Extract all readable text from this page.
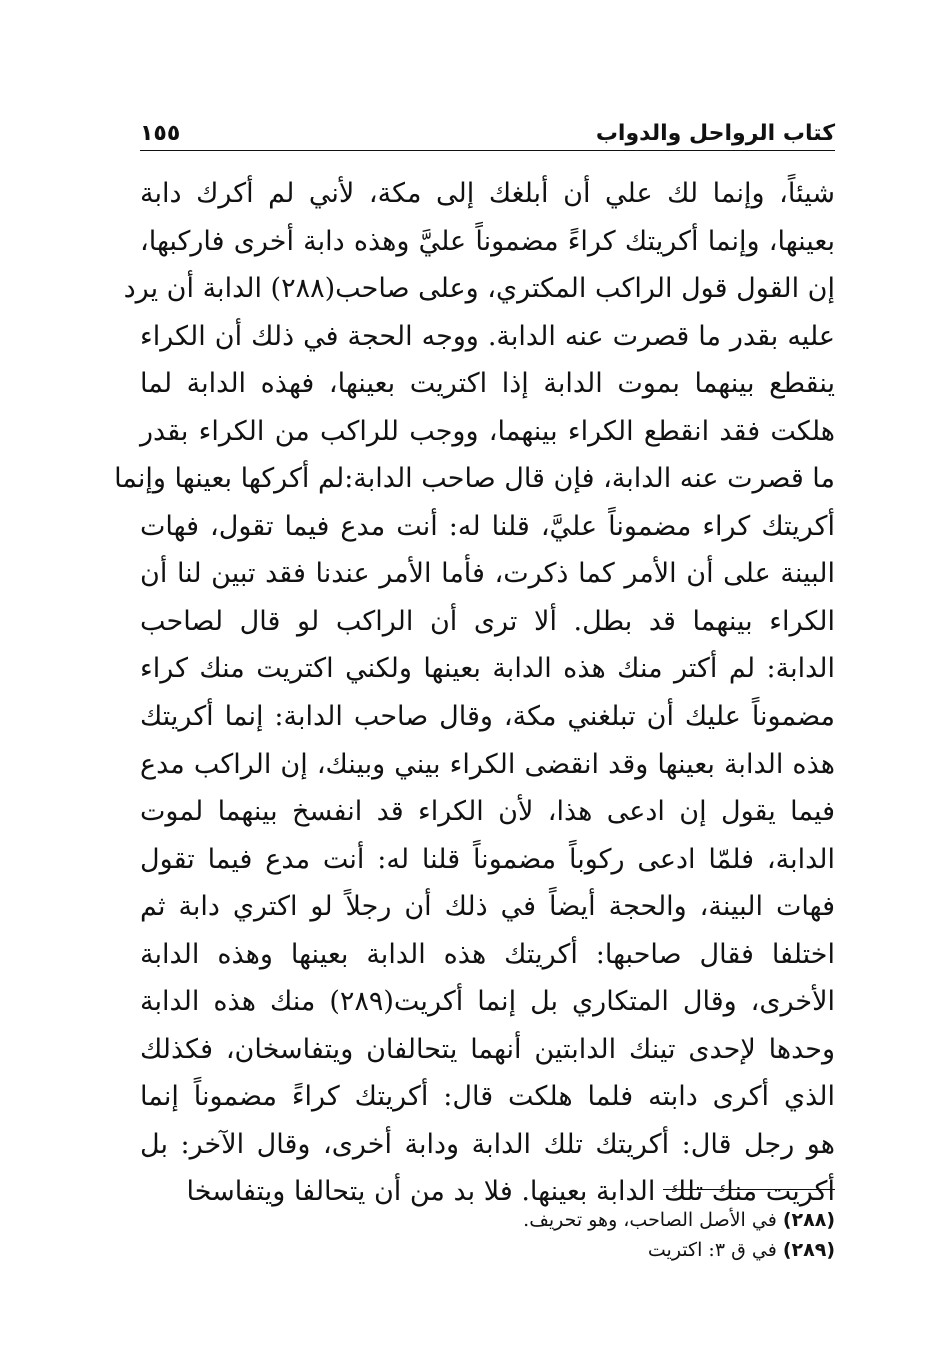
كتاب الرواحل والدواب
١٥٥
شيئاً، وإنما لك علي أن أبلغك إلى مكة، لأني لم أكرك دابة
بعينها، وإنما أكريتك كراءً مضموناً عليَّ وهذه دابة أخرى فاركبها،
إن القول قول الراكب المكتري، وعلى صاحب(٢٨٨) الدابة أن يرد
عليه بقدر ما قصرت عنه الدابة. ووجه الحجة في ذلك أن الكراء
ينقطع بينهما بموت الدابة إذا اكتريت بعينها، فهذه الدابة لما
هلكت فقد انقطع الكراء بينهما، ووجب للراكب من الكراء بقدر
ما قصرت عنه الدابة، فإن قال صاحب الدابة:لم أكركها بعينها وإنما
أكريتك كراء مضموناً عليَّ، قلنا له: أنت مدع فيما تقول، فهات
البينة على أن الأمر كما ذكرت، فأما الأمر عندنا فقد تبين لنا أن
الكراء بينهما قد بطل. ألا ترى أن الراكب لو قال لصاحب
الدابة: لم أكتر منك هذه الدابة بعينها ولكني اكتريت منك كراء
مضموناً عليك أن تبلغني مكة، وقال صاحب الدابة: إنما أكريتك
هذه الدابة بعينها وقد انقضى الكراء بيني وبينك، إن الراكب مدع
فيما يقول إن ادعى هذا، لأن الكراء قد انفسخ بينهما لموت
الدابة، فلمّا ادعى ركوباً مضموناً قلنا له: أنت مدع فيما تقول
فهات البينة، والحجة أيضاً في ذلك أن رجلاً لو اكتري دابة ثم
اختلفا فقال صاحبها: أكريتك هذه الدابة بعينها وهذه الدابة
الأخرى، وقال المتكاري بل إنما أكريت(٢٨٩) منك هذه الدابة
وحدها لإحدى تينك الدابتين أنهما يتحالفان ويتفاسخان، فكذلك
الذي أكرى دابته فلما هلكت قال: أكريتك كراءً مضموناً إنما
هو رجل قال: أكريتك تلك الدابة ودابة أخرى، وقال الآخر: بل
أكريت منك تلك الدابة بعينها. فلا بد من أن يتحالفا ويتفاسخا
(٢٨٨) في الأصل الصاحب، وهو تحريف.
(٢٨٩) في ق ٣: اكتريت
